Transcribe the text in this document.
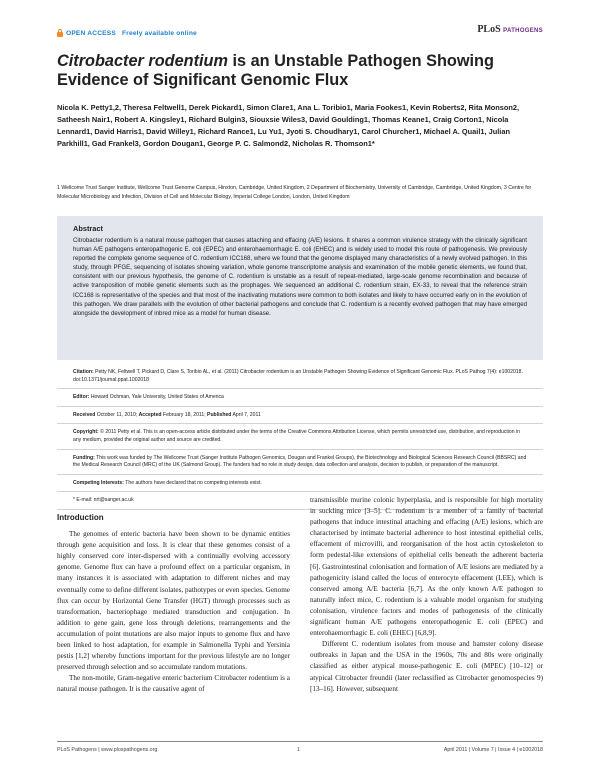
OPEN ACCESS Freely available online	PLoS PATHOGENS
Citrobacter rodentium is an Unstable Pathogen Showing Evidence of Significant Genomic Flux
Nicola K. Petty1,2, Theresa Feltwell1, Derek Pickard1, Simon Clare1, Ana L. Toribio1, Maria Fookes1, Kevin Roberts2, Rita Monson2, Satheesh Nair1, Robert A. Kingsley1, Richard Bulgin3, Siouxsie Wiles3, David Goulding1, Thomas Keane1, Craig Corton1, Nicola Lennard1, David Harris1, David Willey1, Richard Rance1, Lu Yu1, Jyoti S. Choudhary1, Carol Churcher1, Michael A. Quail1, Julian Parkhill1, Gad Frankel3, Gordon Dougan1, George P. C. Salmond2, Nicholas R. Thomson1*
1 Wellcome Trust Sanger Institute, Wellcome Trust Genome Campus, Hinxton, Cambridge, United Kingdom, 2 Department of Biochemistry, University of Cambridge, Cambridge, United Kingdom, 3 Centre for Molecular Microbiology and Infection, Division of Cell and Molecular Biology, Imperial College London, London, United Kingdom
Abstract
Citrobacter rodentium is a natural mouse pathogen that causes attaching and effacing (A/E) lesions. It shares a common virulence strategy with the clinically significant human A/E pathogens enteropathogenic E. coli (EPEC) and enterohaemorrhagic E. coli (EHEC) and is widely used to model this route of pathogenesis. We previously reported the complete genome sequence of C. rodentium ICC168, where we found that the genome displayed many characteristics of a newly evolved pathogen. In this study, through PFGE, sequencing of isolates showing variation, whole genome transcriptome analysis and examination of the mobile genetic elements, we found that, consistent with our previous hypothesis, the genome of C. rodentium is unstable as a result of repeat-mediated, large-scale genome recombination and because of active transposition of mobile genetic elements such as the prophages. We sequenced an additional C. rodentium strain, EX-33, to reveal that the reference strain ICC168 is representative of the species and that most of the inactivating mutations were common to both isolates and likely to have occurred early on in the evolution of this pathogen. We draw parallels with the evolution of other bacterial pathogens and conclude that C. rodentium is a recently evolved pathogen that may have emerged alongside the development of inbred mice as a model for human disease.
Citation: Petty NK, Feltwell T, Pickard D, Clare S, Toribio AL, et al. (2011) Citrobacter rodentium is an Unstable Pathogen Showing Evidence of Significant Genomic Flux. PLoS Pathog 7(4): e1002018. doi:10.1371/journal.ppat.1002018
Editor: Howard Ochman, Yale University, United States of America
Received October 11, 2010; Accepted February 18, 2011; Published April 7, 2011
Copyright: © 2011 Petty et al. This is an open-access article distributed under the terms of the Creative Commons Attribution License, which permits unrestricted use, distribution, and reproduction in any medium, provided the original author and source are credited.
Funding: This work was funded by The Wellcome Trust (Sanger Institute Pathogen Genomics, Dougan and Frankel Groups), the Biotechnology and Biological Sciences Research Council (BBSRC) and the Medical Research Council (MRC) of the UK (Salmond Group). The funders had no role in study design, data collection and analysis, decision to publish, or preparation of the manuscript.
Competing Interests: The authors have declared that no competing interests exist.
* E-mail: nrt@sanger.ac.uk
Introduction

The genomes of enteric bacteria have been shown to be dynamic entities through gene acquisition and loss. It is clear that these genomes consist of a highly conserved core inter-dispersed with a continually evolving accessory genome. Genome flux can have a profound effect on a particular organism, in many instances it is associated with adaptation to different niches and may eventually come to define different isolates, pathotypes or even species. Genome flux can occur by Horizontal Gene Transfer (HGT) through processes such as transformation, bacteriophage mediated transduction and conjugation. In addition to gene gain, gene loss through deletions, rearrangements and the accumulation of point mutations are also major inputs to genome flux and have been linked to host adaptation, for example in Salmonella Typhi and Yersinia pestis [1,2] whereby functions important for the previous lifestyle are no longer preserved through selection and so accumulate random mutations.

The non-motile, Gram-negative enteric bacterium Citrobacter rodentium is a natural mouse pathogen. It is the causative agent of

transmissible murine colonic hyperplasia, and is responsible for high mortality in suckling mice [3–5]. C. rodentium is a member of a family of bacterial pathogens that induce intestinal attaching and effacing (A/E) lesions, which are characterised by intimate bacterial adherence to host intestinal epithelial cells, effacement of microvilli, and reorganisation of the host actin cytoskeleton to form pedestal-like extensions of epithelial cells beneath the adherent bacteria [6]. Gastrointestinal colonisation and formation of A/E lesions are mediated by a pathogenicity island called the locus of enterocyte effacement (LEE), which is conserved among A/E bacteria [6,7]. As the only known A/E pathogen to naturally infect mice, C. rodentium is a valuable model organism for studying colonisation, virulence factors and modes of pathogenesis of the clinically significant human A/E pathogens enteropathogenic E. coli (EPEC) and enterohaemorrhagic E. coli (EHEC) [6,8,9].

Different C. rodentium isolates from mouse and hamster colony disease outbreaks in Japan and the USA in the 1960s, 70s and 80s were originally classified as either atypical mouse-pathogenic E. coli (MPEC) [10–12] or atypical Citrobacter freundii (later reclassified as Citrobacter genomospecies 9) [13–16]. However, subsequent

PLoS Pathogens | www.plospathogens.org	1	April 2011 | Volume 7 | Issue 4 | e1002018
